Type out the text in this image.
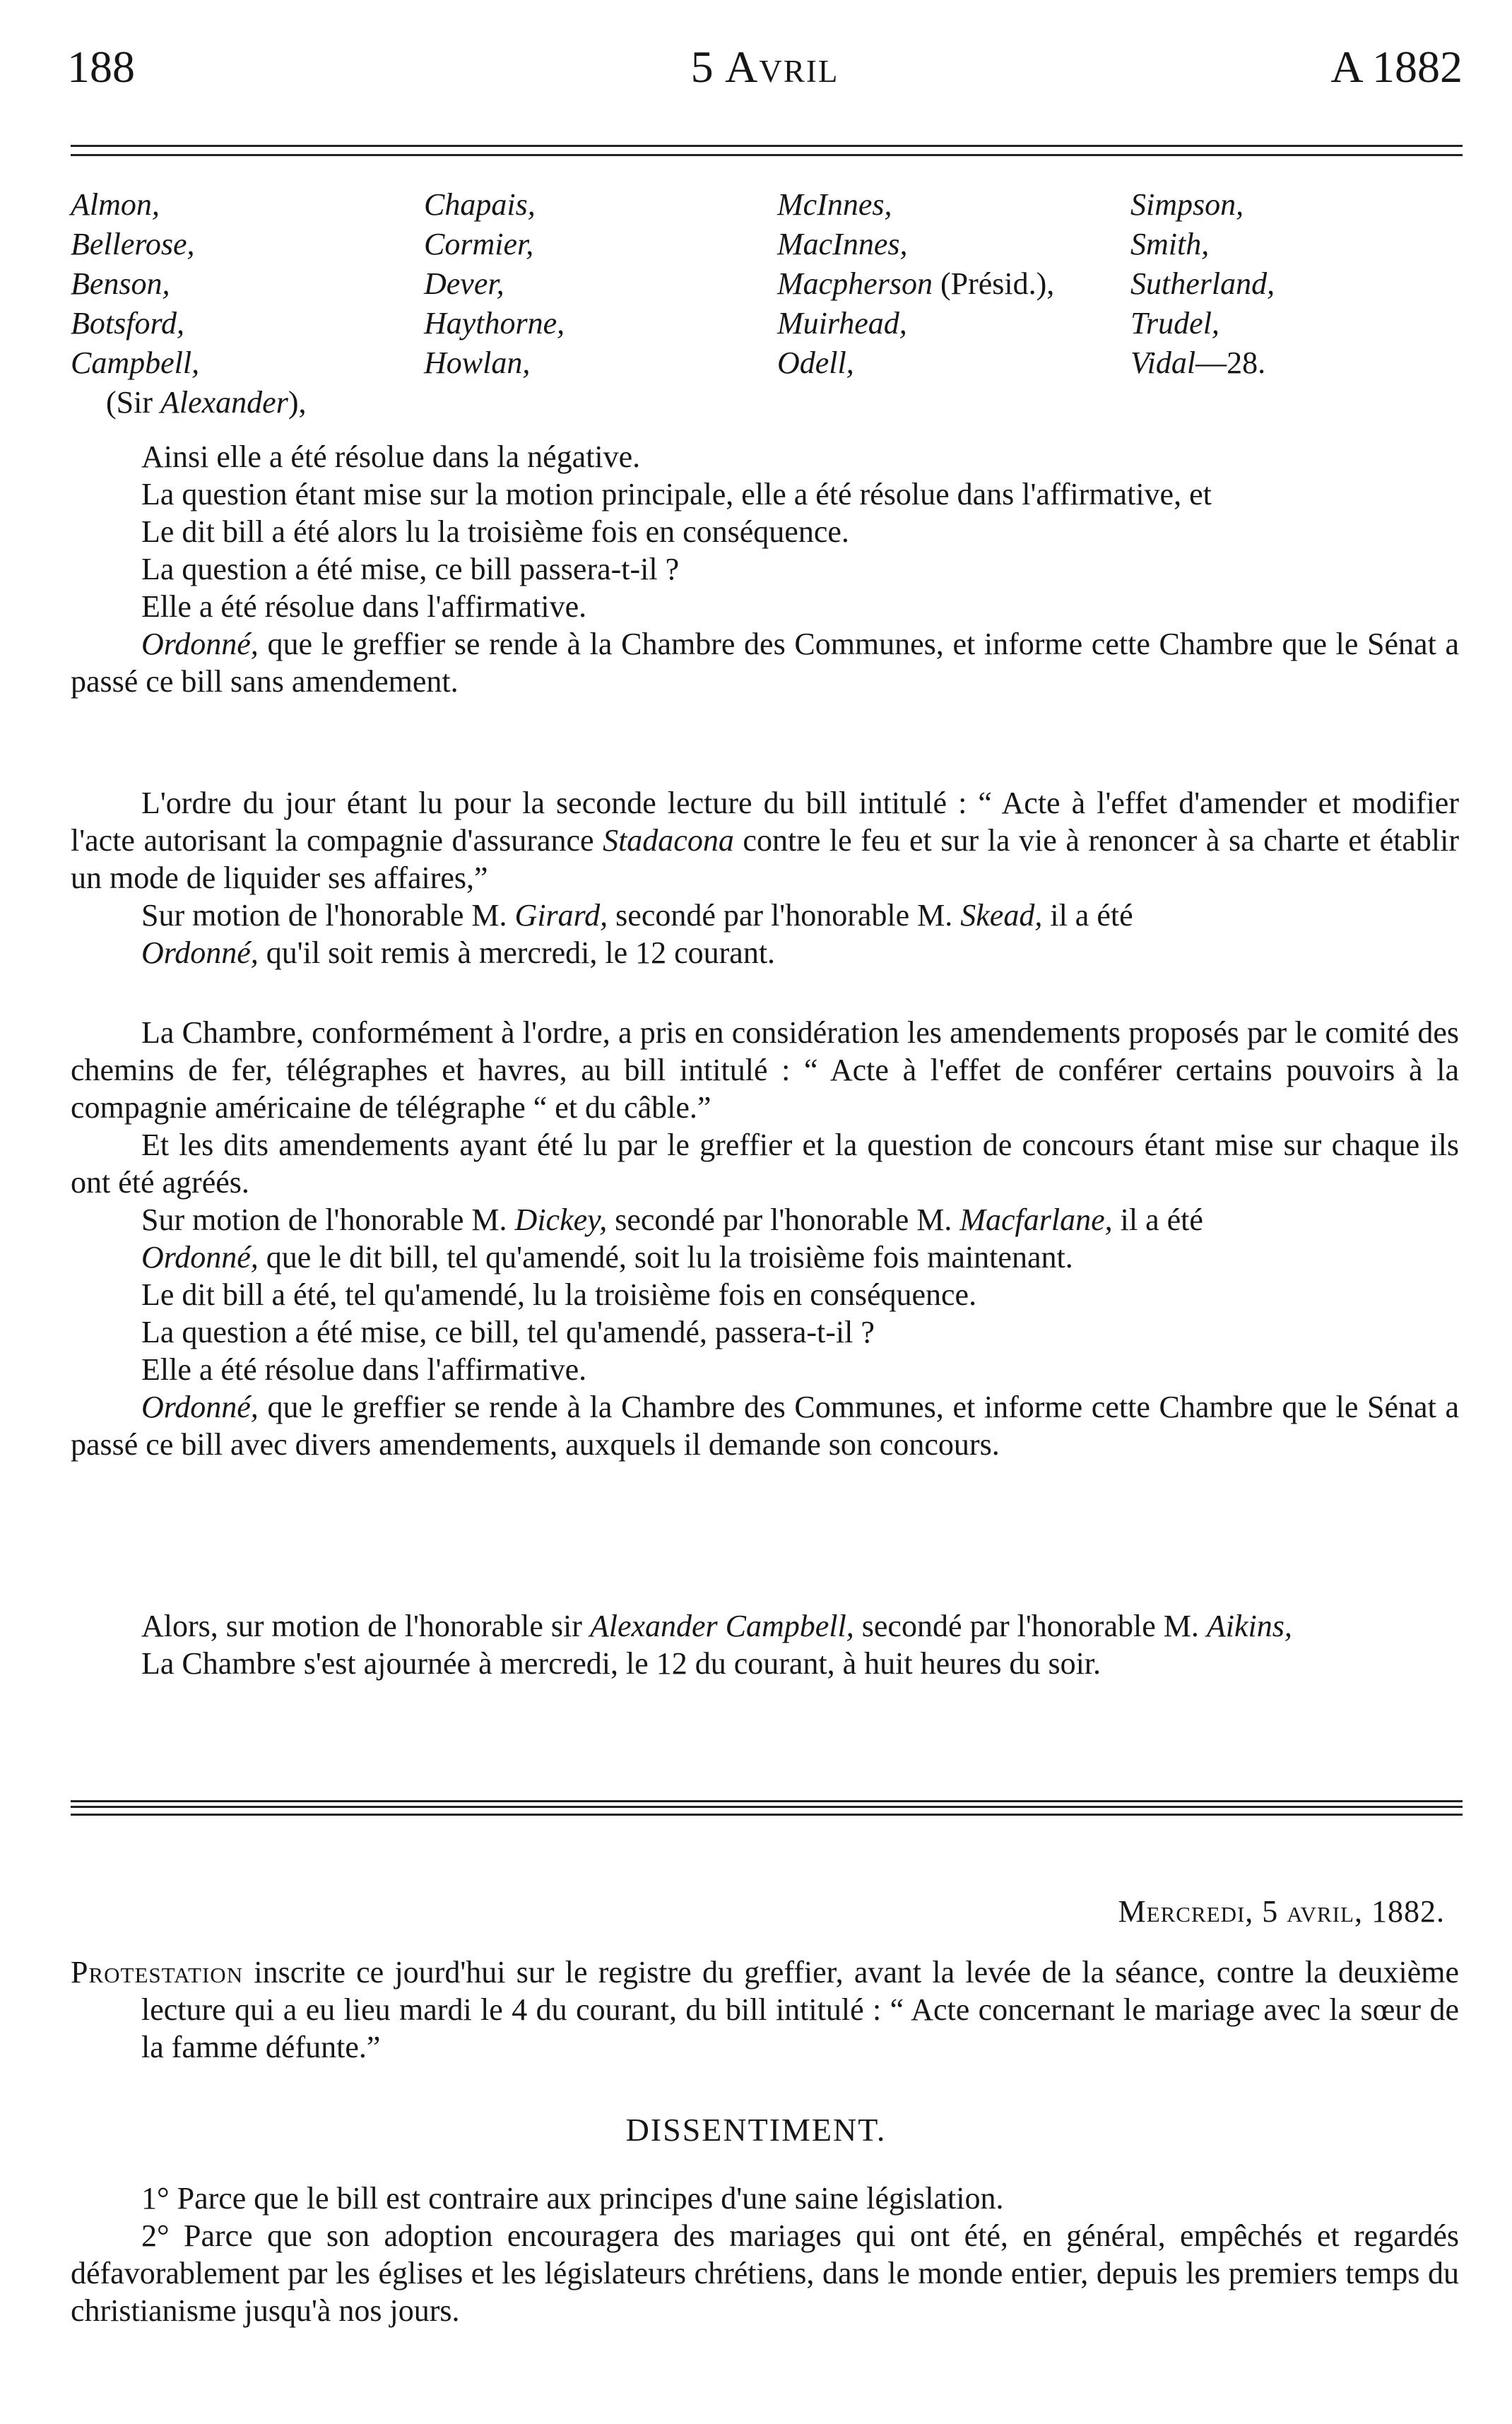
188	5 Avril	A 1882
Almon,
Bellerose,
Benson,
Botsford,
Campbell,
(Sir Alexander),
Chapais,
Cormier,
Dever,
Haythorne,
Howlan,
McInnes,
MacInnes,
Macpherson (Présid.),
Muirhead,
Odell,
Simpson,
Smith,
Sutherland,
Trudel,
Vidal—28.

Ainsi elle a été résolue dans la négative.

La question étant mise sur la motion principale, elle a été résolue dans l'affirmative, et

Le dit bill a été alors lu la troisième fois en conséquence.

La question a été mise, ce bill passera-t-il ?

Elle a été résolue dans l'affirmative.

Ordonné, que le greffier se rende à la Chambre des Communes, et informe cette Chambre que le Sénat a passé ce bill sans amendement.

L'ordre du jour étant lu pour la seconde lecture du bill intitulé : “ Acte à l'effet d'amender et modifier l'acte autorisant la compagnie d'assurance Stadacona contre le feu et sur la vie à renoncer à sa charte et établir un mode de liquider ses affaires,”

Sur motion de l'honorable M. Girard, secondé par l'honorable M. Skead, il a été

Ordonné, qu'il soit remis à mercredi, le 12 courant.

La Chambre, conformément à l'ordre, a pris en considération les amendements proposés par le comité des chemins de fer, télégraphes et havres, au bill intitulé : “ Acte à l'effet de conférer certains pouvoirs à la compagnie américaine de télégraphe “ et du câble.”

Et les dits amendements ayant été lu par le greffier et la question de concours étant mise sur chaque ils ont été agréés.

Sur motion de l'honorable M. Dickey, secondé par l'honorable M. Macfarlane, il a été

Ordonné, que le dit bill, tel qu'amendé, soit lu la troisième fois maintenant.

Le dit bill a été, tel qu'amendé, lu la troisième fois en conséquence.

La question a été mise, ce bill, tel qu'amendé, passera-t-il ?

Elle a été résolue dans l'affirmative.

Ordonné, que le greffier se rende à la Chambre des Communes, et informe cette Chambre que le Sénat a passé ce bill avec divers amendements, auxquels il demande son concours.

Alors, sur motion de l'honorable sir Alexander Campbell, secondé par l'honorable M. Aikins,

La Chambre s'est ajournée à mercredi, le 12 du courant, à huit heures du soir.

Mercredi, 5 avril, 1882.

Protestation inscrite ce jourd'hui sur le registre du greffier, avant la levée de la séance, contre la deuxième lecture qui a eu lieu mardi le 4 du courant, du bill intitulé : “ Acte concernant le mariage avec la sœur de la famme défunte.”

DISSENTIMENT.

1° Parce que le bill est contraire aux principes d'une saine législation.

2° Parce que son adoption encouragera des mariages qui ont été, en général, empêchés et regardés défavorablement par les églises et les législateurs chrétiens, dans le monde entier, depuis les premiers temps du christianisme jusqu'à nos jours.
